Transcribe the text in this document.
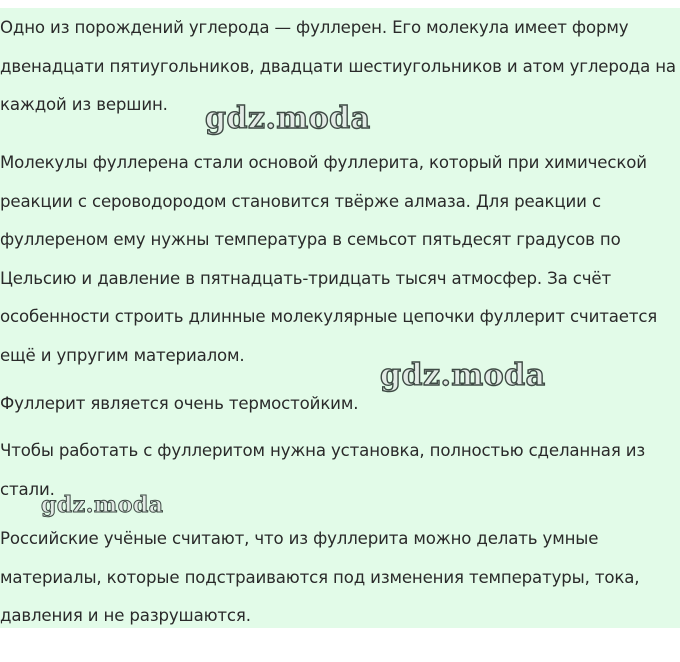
Одно из порождений углерода — фуллерен. Его молекула имеет форму двенадцати пятиугольников, двадцати шестиугольников и атом углерода на каждой из вершин.

Молекулы фуллерена стали основой фуллерита, который при химической реакции с сероводородом становится твёрже алмаза. Для реакции с фуллереном ему нужны температура в семьсот пятьдесят градусов по Цельсию и давление в пятнадцать-тридцать тысяч атмосфер. За счёт особенности строить длинные молекулярные цепочки фуллерит считается ещё и упругим материалом.

Фуллерит является очень термостойким.

Чтобы работать с фуллеритом нужна установка, полностью сделанная из стали.

Российские учёные считают, что из фуллерита можно делать умные материалы, которые подстраиваются под изменения температуры, тока, давления и не разрушаются.

gdz.moda
gdz.moda
gdz.moda
